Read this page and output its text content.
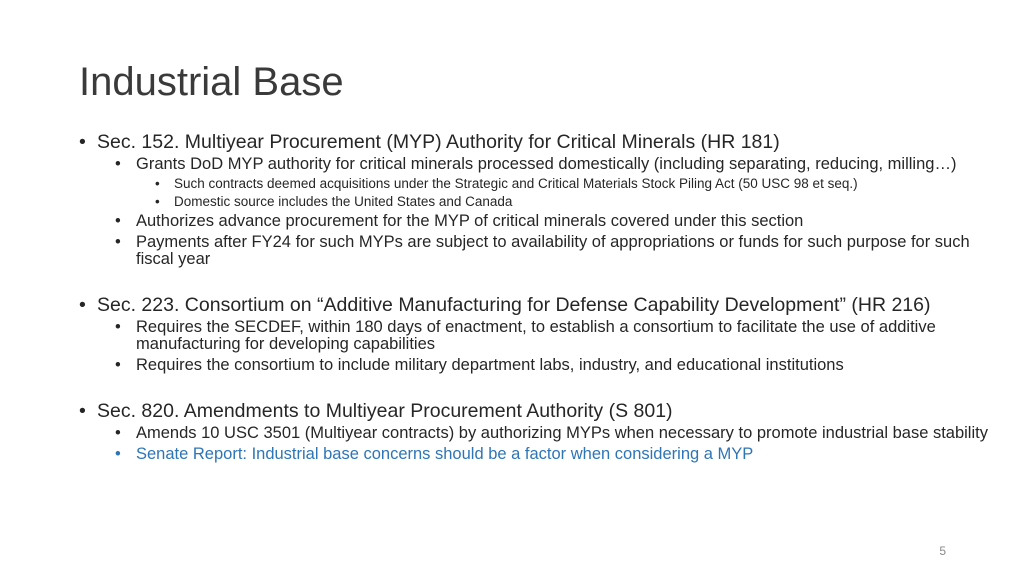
Industrial Base
• Sec. 152. Multiyear Procurement (MYP) Authority for Critical Minerals (HR 181)
• Grants DoD MYP authority for critical minerals processed domestically (including separating, reducing, milling…)
• Such contracts deemed acquisitions under the Strategic and Critical Materials Stock Piling Act (50 USC 98 et seq.)
• Domestic source includes the United States and Canada
• Authorizes advance procurement for the MYP of critical minerals covered under this section
• Payments after FY24 for such MYPs are subject to availability of appropriations or funds for such purpose for such fiscal year
• Sec. 223. Consortium on “Additive Manufacturing for Defense Capability Development” (HR 216)
• Requires the SECDEF, within 180 days of enactment, to establish a consortium to facilitate the use of additive manufacturing for developing capabilities
• Requires the consortium to include military department labs, industry, and educational institutions
• Sec. 820. Amendments to Multiyear Procurement Authority (S 801)
• Amends 10 USC 3501 (Multiyear contracts) by authorizing MYPs when necessary to promote industrial base stability
• Senate Report: Industrial base concerns should be a factor when considering a MYP
5
